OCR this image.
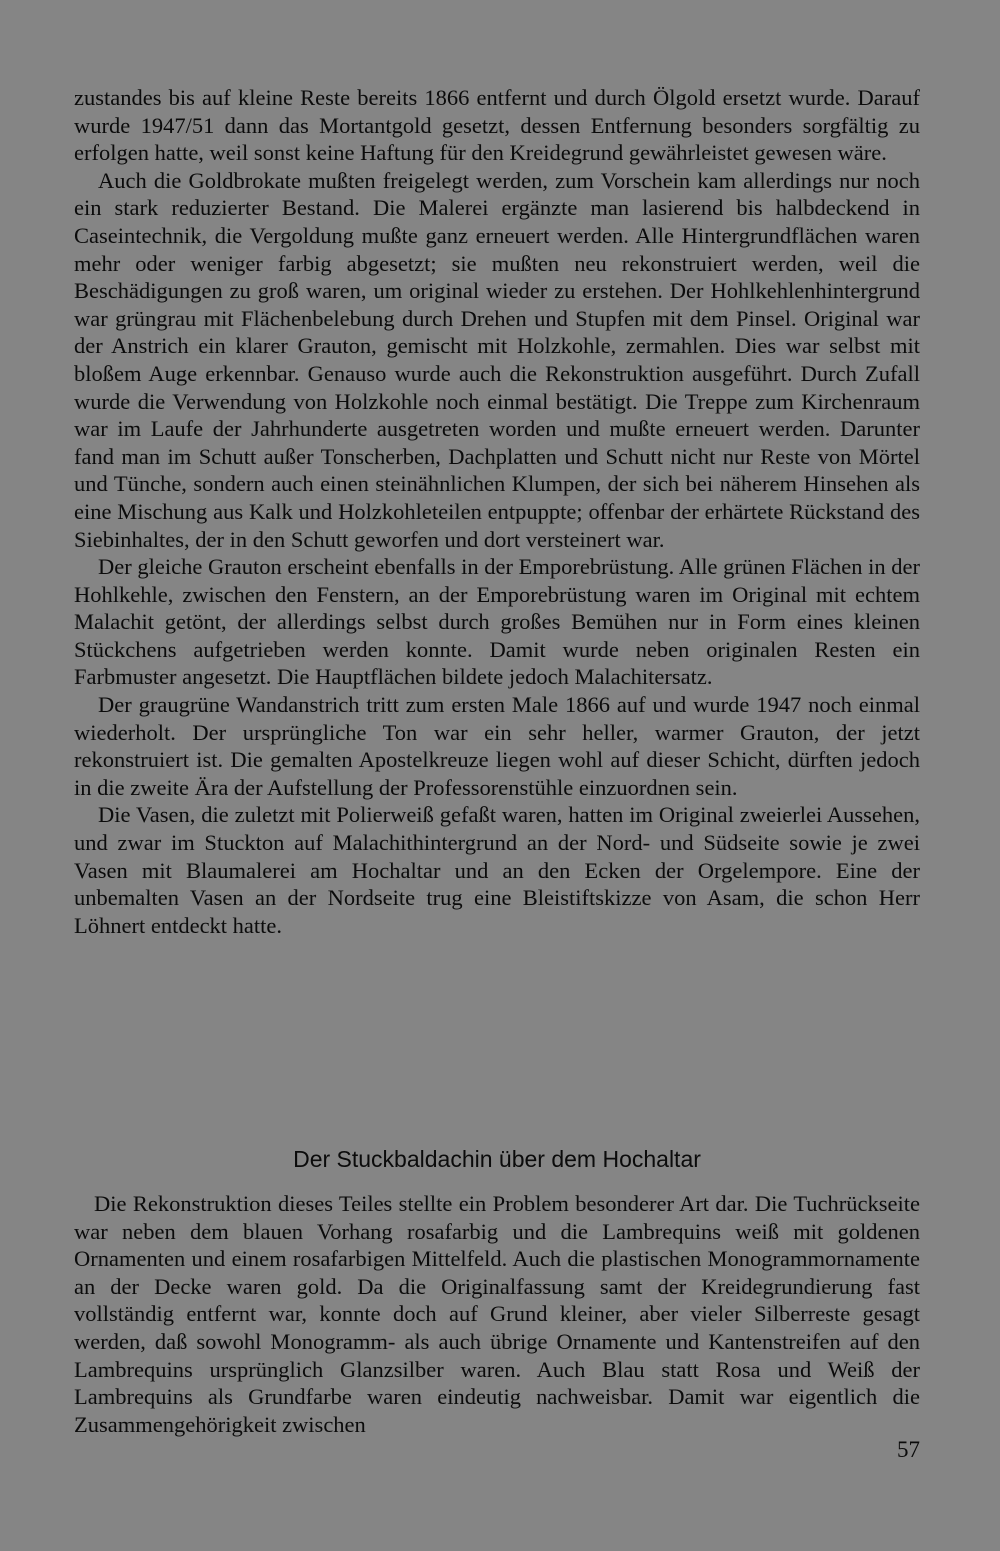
zustandes bis auf kleine Reste bereits 1866 entfernt und durch Ölgold ersetzt wurde. Darauf wurde 1947/51 dann das Mortantgold gesetzt, dessen Entfernung besonders sorgfältig zu erfolgen hatte, weil sonst keine Haftung für den Kreidegrund gewährleistet gewesen wäre.

Auch die Goldbrokate mußten freigelegt werden, zum Vorschein kam allerdings nur noch ein stark reduzierter Bestand. Die Malerei ergänzte man lasierend bis halbdeckend in Caseintechnik, die Vergoldung mußte ganz erneuert werden. Alle Hintergrundflächen waren mehr oder weniger farbig abgesetzt; sie mußten neu rekonstruiert werden, weil die Beschädigungen zu groß waren, um original wieder zu erstehen. Der Hohlkehlenhintergrund war grüngrau mit Flächenbelebung durch Drehen und Stupfen mit dem Pinsel. Original war der Anstrich ein klarer Grauton, gemischt mit Holzkohle, zermahlen. Dies war selbst mit bloßem Auge erkennbar. Genauso wurde auch die Rekonstruktion ausgeführt. Durch Zufall wurde die Verwendung von Holzkohle noch einmal bestätigt. Die Treppe zum Kirchenraum war im Laufe der Jahrhunderte ausgetreten worden und mußte erneuert werden. Darunter fand man im Schutt außer Tonscherben, Dachplatten und Schutt nicht nur Reste von Mörtel und Tünche, sondern auch einen steinähnlichen Klumpen, der sich bei näherem Hinsehen als eine Mischung aus Kalk und Holzkohleteilen entpuppte; offenbar der erhärtete Rückstand des Siebinhaltes, der in den Schutt geworfen und dort versteinert war.

Der gleiche Grauton erscheint ebenfalls in der Emporebrüstung. Alle grünen Flächen in der Hohlkehle, zwischen den Fenstern, an der Emporebrüstung waren im Original mit echtem Malachit getönt, der allerdings selbst durch großes Bemühen nur in Form eines kleinen Stückchens aufgetrieben werden konnte. Damit wurde neben originalen Resten ein Farbmuster angesetzt. Die Hauptflächen bildete jedoch Malachitersatz.

Der graugrüne Wandanstrich tritt zum ersten Male 1866 auf und wurde 1947 noch einmal wiederholt. Der ursprüngliche Ton war ein sehr heller, warmer Grauton, der jetzt rekonstruiert ist. Die gemalten Apostelkreuze liegen wohl auf dieser Schicht, dürften jedoch in die zweite Ära der Aufstellung der Professorenstühle einzuordnen sein.

Die Vasen, die zuletzt mit Polierweiß gefaßt waren, hatten im Original zweierlei Aussehen, und zwar im Stuckton auf Malachithintergrund an der Nord- und Südseite sowie je zwei Vasen mit Blaumalerei am Hochaltar und an den Ecken der Orgelempore. Eine der unbemalten Vasen an der Nordseite trug eine Bleistiftskizze von Asam, die schon Herr Löhnert entdeckt hatte.

Der Stuckbaldachin über dem Hochaltar

Die Rekonstruktion dieses Teiles stellte ein Problem besonderer Art dar. Die Tuchrückseite war neben dem blauen Vorhang rosafarbig und die Lambrequins weiß mit goldenen Ornamenten und einem rosafarbigen Mittelfeld. Auch die plastischen Monogrammornamente an der Decke waren gold. Da die Originalfassung samt der Kreidegrundierung fast vollständig entfernt war, konnte doch auf Grund kleiner, aber vieler Silberreste gesagt werden, daß sowohl Monogramm- als auch übrige Ornamente und Kantenstreifen auf den Lambrequins ursprünglich Glanzsilber waren. Auch Blau statt Rosa und Weiß der Lambrequins als Grundfarbe waren eindeutig nachweisbar. Damit war eigentlich die Zusammengehörigkeit zwischen

57
